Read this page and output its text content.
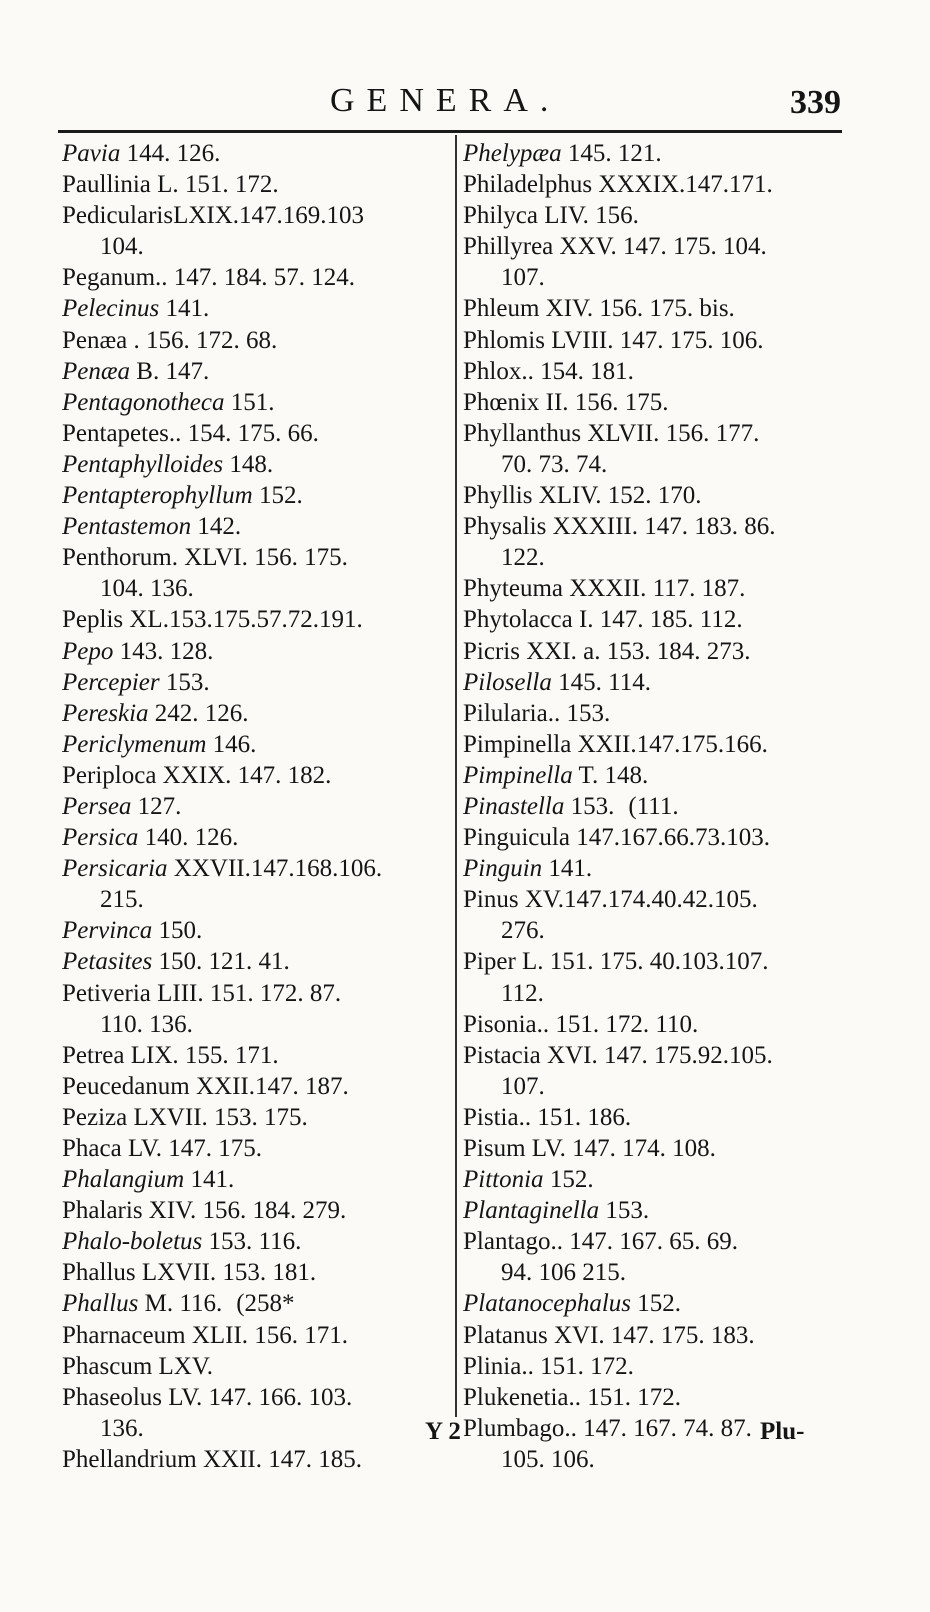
GENERA.	339
Pavia 144. 126.
Paullinia L. 151. 172.
PedicularisLXIX.147.169.103
104.
Peganum.. 147. 184. 57. 124.
Pelecinus 141.
Penæa . 156. 172. 68.
Penæa B. 147.
Pentagonotheca 151.
Pentapetes.. 154. 175. 66.
Pentaphylloides 148.
Pentapterophyllum 152.
Pentastemon 142.
Penthorum. XLVI. 156. 175.
104. 136.
Peplis XL.153.175.57.72.191.
Pepo 143. 128.
Percepier 153.
Pereskia 242. 126.
Periclymenum 146.
Periploca XXIX. 147. 182.
Persea 127.
Persica 140. 126.
Persicaria XXVII.147.168.106.
215.
Pervinca 150.
Petasites 150. 121. 41.
Petiveria LIII. 151. 172. 87.
110. 136.
Petrea LIX. 155. 171.
Peucedanum XXII.147. 187.
Peziza LXVII. 153. 175.
Phaca LV. 147. 175.
Phalangium 141.
Phalaris XIV. 156. 184. 279.
Phalo-boletus 153. 116.
Phallus LXVII. 153. 181.
Phallus M. 116. (258*
Pharnaceum XLII. 156. 171.
Phascum LXV.
Phaseolus LV. 147. 166. 103.
136.
Phellandrium XXII. 147. 185.
Phelypæa 145. 121.
Philadelphus XXXIX.147.171.
Philyca LIV. 156.
Phillyrea XXV. 147. 175. 104.
107.
Phleum XIV. 156. 175. bis.
Phlomis LVIII. 147. 175. 106.
Phlox.. 154. 181.
Phœnix II. 156. 175.
Phyllanthus XLVII. 156. 177.
70. 73. 74.
Phyllis XLIV. 152. 170.
Physalis XXXIII. 147. 183. 86.
122.
Phyteuma XXXII. 117. 187.
Phytolacca I. 147. 185. 112.
Picris XXI. a. 153. 184. 273.
Pilosella 145. 114.
Pilularia.. 153.
Pimpinella XXII.147.175.166.
Pimpinella T. 148.
Pinastella 153. (111.
Pinguicula 147.167.66.73.103.
Pinguin 141.
Pinus XV.147.174.40.42.105.
276.
Piper L. 151. 175. 40.103.107.
112.
Pisonia.. 151. 172. 110.
Pistacia XVI. 147. 175.92.105.
107.
Pistia.. 151. 186.
Pisum LV. 147. 174. 108.
Pittonia 152.
Plantaginella 153.
Plantago.. 147. 167. 65. 69.
94. 106 215.
Platanocephalus 152.
Platanus XVI. 147. 175. 183.
Plinia.. 151. 172.
Plukenetia.. 151. 172.
Plumbago.. 147. 167. 74. 87.
105. 106.
Y 2	Plu-
